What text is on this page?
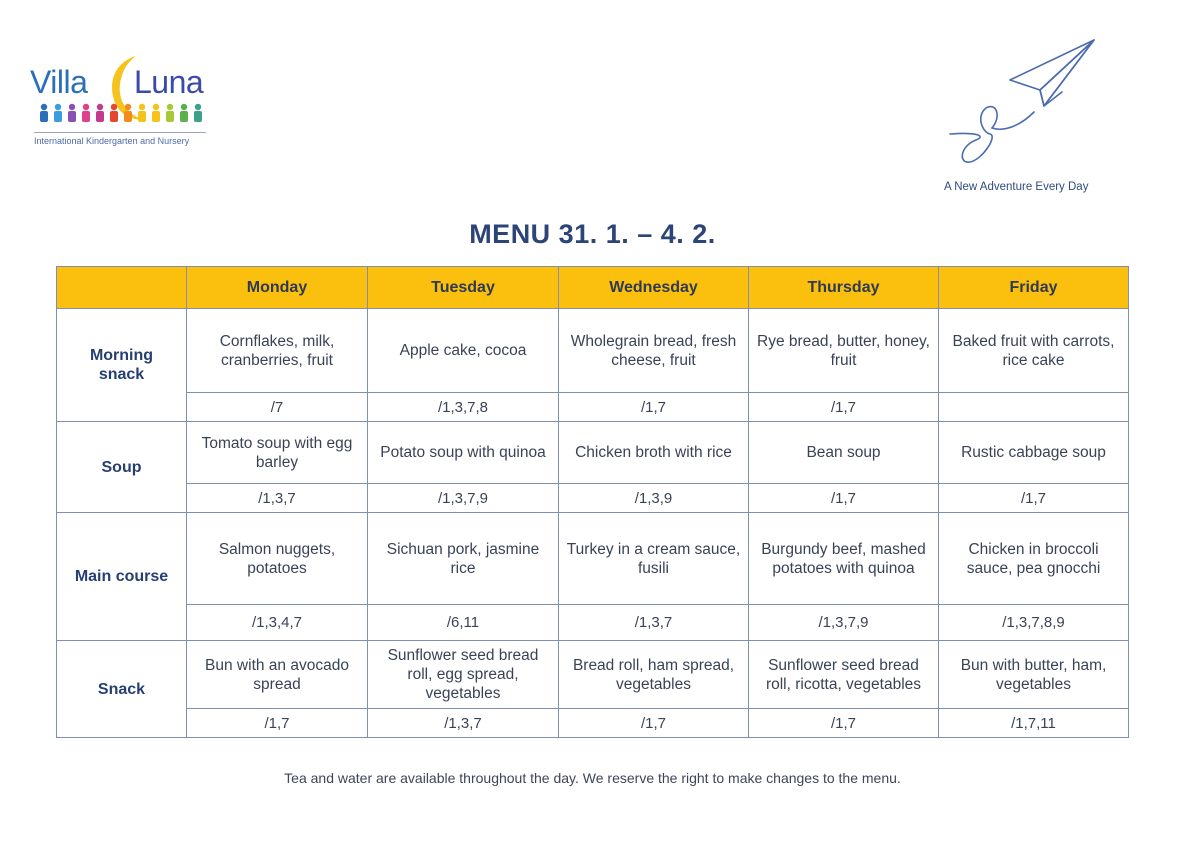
Villa Luna
International Kindergarten and Nursery
A New Adventure Every Day
MENU 31. 1. – 4. 2.
	Monday	Tuesday	Wednesday	Thursday	Friday
Morning snack	Cornflakes, milk, cranberries, fruit	Apple cake, cocoa	Wholegrain bread, fresh cheese, fruit	Rye bread, butter, honey, fruit	Baked fruit with carrots, rice cake
	/7	/1,3,7,8	/1,7	/1,7	
Soup	Tomato soup with egg barley	Potato soup with quinoa	Chicken broth with rice	Bean soup	Rustic cabbage soup
	/1,3,7	/1,3,7,9	/1,3,9	/1,7	/1,7
Main course	Salmon nuggets, potatoes	Sichuan pork, jasmine rice	Turkey in a cream sauce, fusili	Burgundy beef, mashed potatoes with quinoa	Chicken in broccoli sauce, pea gnocchi
	/1,3,4,7	/6,11	/1,3,7	/1,3,7,9	/1,3,7,8,9
Snack	Bun with an avocado spread	Sunflower seed bread roll, egg spread, vegetables	Bread roll, ham spread, vegetables	Sunflower seed bread roll, ricotta, vegetables	Bun with butter, ham, vegetables
	/1,7	/1,3,7	/1,7	/1,7	/1,7,11
Tea and water are available throughout the day. We reserve the right to make changes to the menu.
